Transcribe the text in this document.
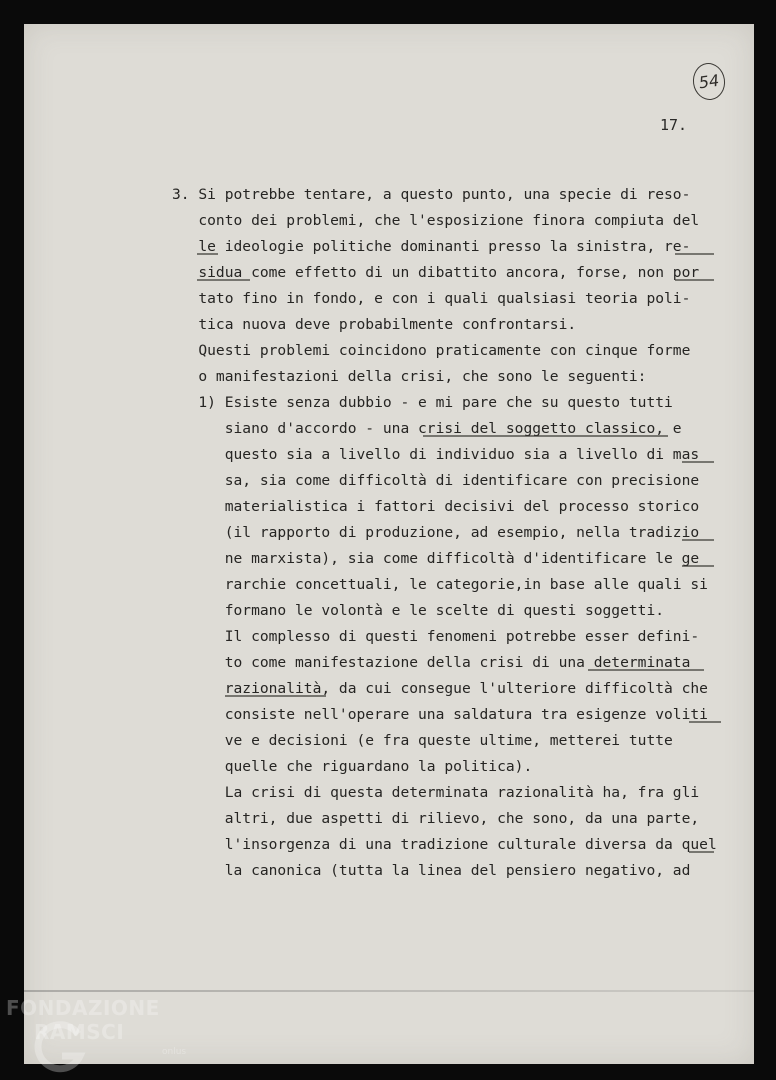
54
17.

3. Si potrebbe tentare, a questo punto, una specie di reso-

conto dei problemi, che l'esposizione finora compiuta del

le ideologie politiche dominanti presso la sinistra, re-

sidua come effetto di un dibattito ancora, forse, non por

tato fino in fondo, e con i quali qualsiasi teoria poli-

tica nuova deve probabilmente confrontarsi.

Questi problemi coincidono praticamente con cinque forme

o manifestazioni della crisi, che sono le seguenti:

1) Esiste senza dubbio - e mi pare che su questo tutti

siano d'accordo - una crisi del soggetto classico, e

questo sia a livello di individuo sia a livello di mas

sa, sia come difficoltà di identificare con precisione

materialistica i fattori decisivi del processo storico

(il rapporto di produzione, ad esempio, nella tradizio

ne marxista), sia come difficoltà d'identificare le ge

rarchie concettuali, le categorie,in base alle quali si

formano le volontà e le scelte di questi soggetti.

Il complesso di questi fenomeni potrebbe esser defini-

to come manifestazione della crisi di una determinata

razionalità, da cui consegue l'ulteriore difficoltà che

consiste nell'operare una saldatura tra esigenze voliti

ve e decisioni (e fra queste ultime, metterei tutte

quelle che riguardano la politica).

La crisi di questa determinata razionalità ha, fra gli

altri, due aspetti di rilievo, che sono, da una parte,

l'insorgenza di una tradizione culturale diversa da quel

la canonica (tutta la linea del pensiero negativo, ad

FONDAZIONE
RAMSCI
onlus
